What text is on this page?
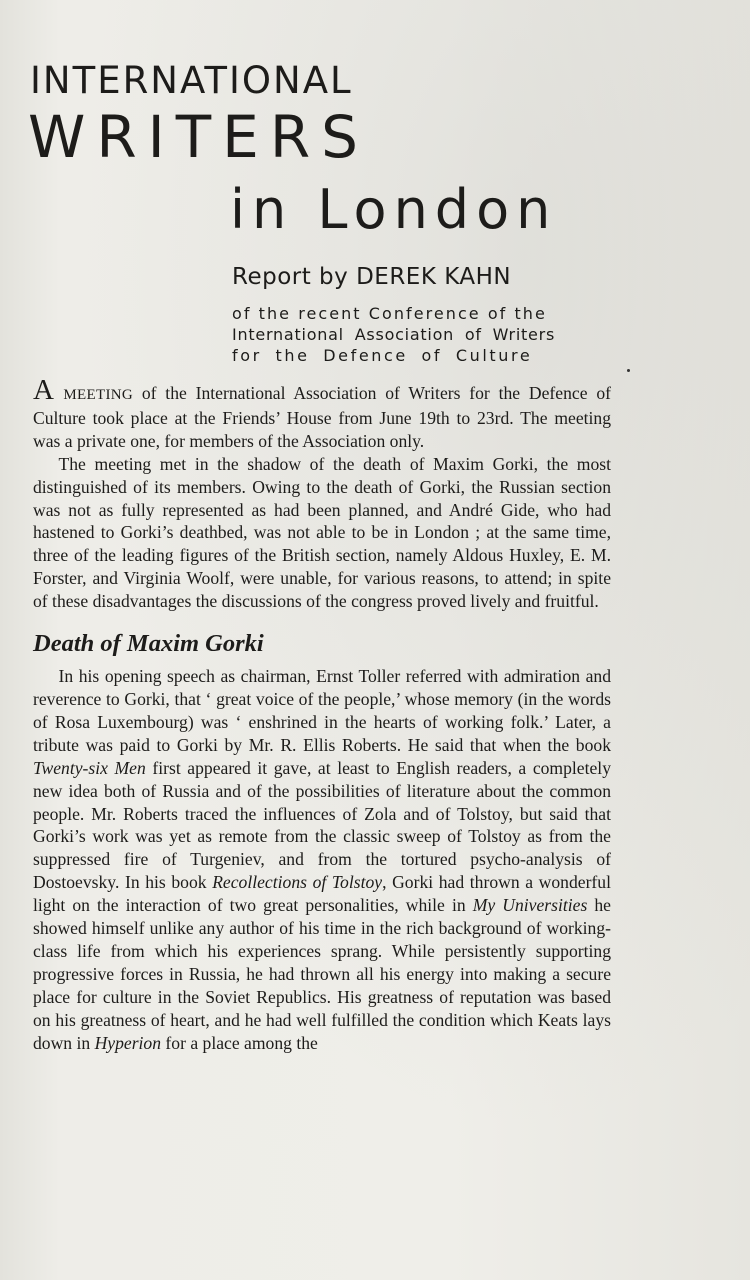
INTERNATIONAL
WRITERS
in London
Report by DEREK KAHN
of the recent Conference of the
International Association of Writers
for the Defence of Culture

A MEETING of the International Association of Writers for the Defence of Culture took place at the Friends’ House from June 19th to 23rd. The meeting was a private one, for members of the Association only.

The meeting met in the shadow of the death of Maxim Gorki, the most distinguished of its members. Owing to the death of Gorki, the Russian section was not as fully represented as had been planned, and André Gide, who had hastened to Gorki’s deathbed, was not able to be in London ; at the same time, three of the leading figures of the British section, namely Aldous Huxley, E. M. Forster, and Virginia Woolf, were unable, for various reasons, to attend; in spite of these disadvantages the discussions of the congress proved lively and fruitful.

Death of Maxim Gorki

In his opening speech as chairman, Ernst Toller referred with admiration and reverence to Gorki, that ‘ great voice of the people,’ whose memory (in the words of Rosa Luxembourg) was ‘ enshrined in the hearts of working folk.’ Later, a tribute was paid to Gorki by Mr. R. Ellis Roberts. He said that when the book Twenty-six Men first appeared it gave, at least to English readers, a completely new idea both of Russia and of the possibilities of literature about the common people. Mr. Roberts traced the influences of Zola and of Tolstoy, but said that Gorki’s work was yet as remote from the classic sweep of Tolstoy as from the suppressed fire of Turgeniev, and from the tortured psycho-analysis of Dostoevsky. In his book Recollections of Tolstoy, Gorki had thrown a wonderful light on the interaction of two great personalities, while in My Universities he showed himself unlike any author of his time in the rich background of working-class life from which his experiences sprang. While persistently supporting progressive forces in Russia, he had thrown all his energy into making a secure place for culture in the Soviet Republics. His greatness of reputation was based on his greatness of heart, and he had well fulfilled the condition which Keats lays down in Hyperion for a place among the
